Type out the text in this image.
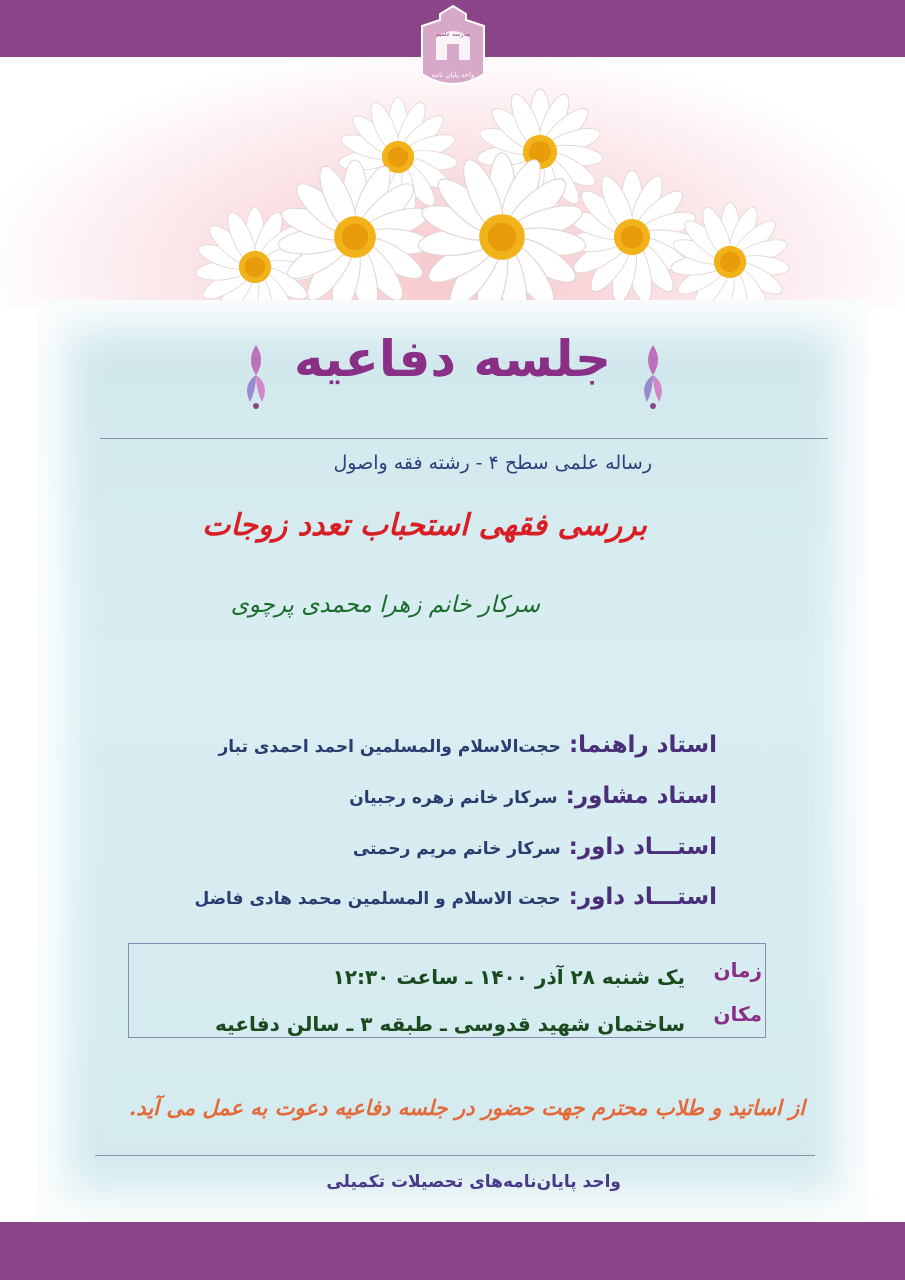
واحد پایان نامه
مدرسه علمیه
جلسه دفاعیه
رساله علمی سطح ۴ - رشته فقه واصول
بررسی فقهی استحباب تعدد زوجات
سرکار خانم زهرا محمدی پرچوی
استاد راهنما:حجت‌الاسلام والمسلمین احمد احمدی تبار
استاد مشاور:سرکار خانم زهره رجبیان
استـــاد داور:سرکار خانم مریم رحمتی
استـــاد داور:حجت الاسلام و المسلمین محمد هادی فاضل
زمان
یک شنبه ۲۸ آذر ۱۴۰۰ ـ ساعت ۱۲:۳۰
مکان
ساختمان شهید قدوسی ـ طبقه ۳ ـ سالن دفاعیه
از اساتید و طلاب محترم جهت حضور در جلسه دفاعیه دعوت به عمل می آید.
واحد پایان‌نامه‌های تحصیلات تکمیلی
